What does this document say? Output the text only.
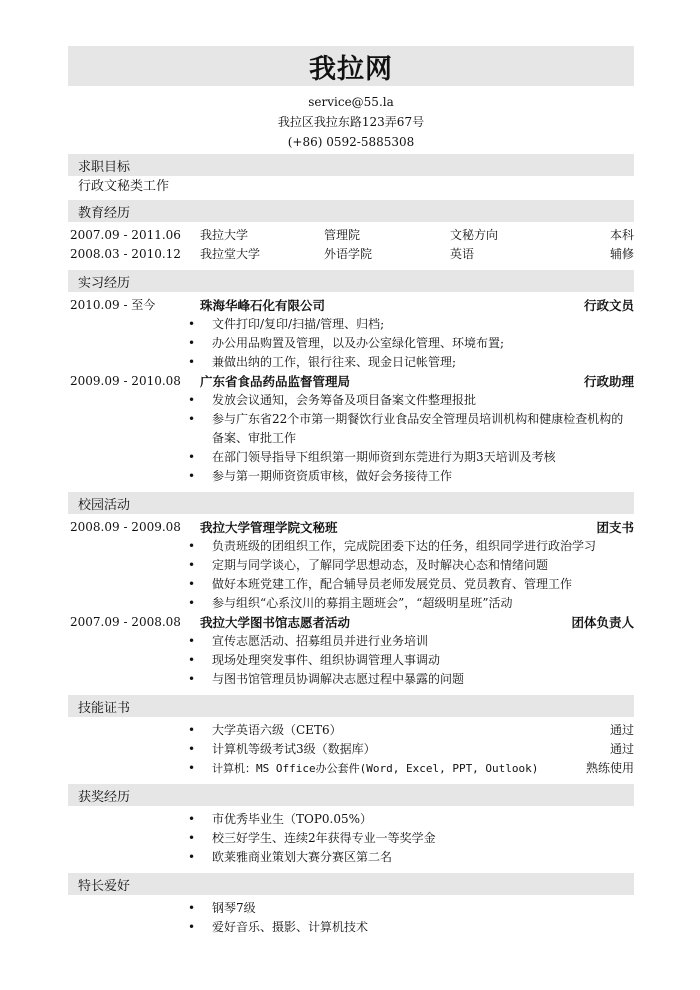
我拉网
service@55.la
我拉区我拉东路123弄67号
(+86) 0592-5885308
求职目标
行政文秘类工作
教育经历
2007.09 - 2011.06	我拉大学	管理院	文秘方向	本科
2008.03 - 2010.12	我拉堂大学	外语学院	英语	辅修
实习经历
2010.09 - 至今	珠海华峰石化有限公司	行政文员
• 文件打印/复印/扫描/管理、归档;
• 办公用品购置及管理，以及办公室绿化管理、环境布置;
• 兼做出纳的工作，银行往来、现金日记帐管理;
2009.09 - 2010.08	广东省食品药品监督管理局	行政助理
• 发放会议通知，会务筹备及项目备案文件整理报批
• 参与广东省22个市第一期餐饮行业食品安全管理员培训机构和健康检查机构的备案、审批工作
• 在部门领导指导下组织第一期师资到东莞进行为期3天培训及考核
• 参与第一期师资资质审核，做好会务接待工作
校园活动
2008.09 - 2009.08	我拉大学管理学院文秘班	团支书
• 负责班级的团组织工作，完成院团委下达的任务，组织同学进行政治学习
• 定期与同学谈心，了解同学思想动态，及时解决心态和情绪问题
• 做好本班党建工作，配合辅导员老师发展党员、党员教育、管理工作
• 参与组织“心系汶川的募捐主题班会”，“超级明星班”活动
2007.09 - 2008.08	我拉大学图书馆志愿者活动	团体负责人
• 宣传志愿活动、招募组员并进行业务培训
• 现场处理突发事件、组织协调管理人事调动
• 与图书馆管理员协调解决志愿过程中暴露的问题
技能证书
• 大学英语六级（CET6）	通过
• 计算机等级考试3级（数据库）	通过
• 计算机：MS Office办公套件(Word, Excel, PPT, Outlook)	熟练使用
获奖经历
• 市优秀毕业生（TOP0.05%）
• 校三好学生、连续2年获得专业一等奖学金
• 欧莱雅商业策划大赛分赛区第二名
特长爱好
• 钢琴7级
• 爱好音乐、摄影、计算机技术
